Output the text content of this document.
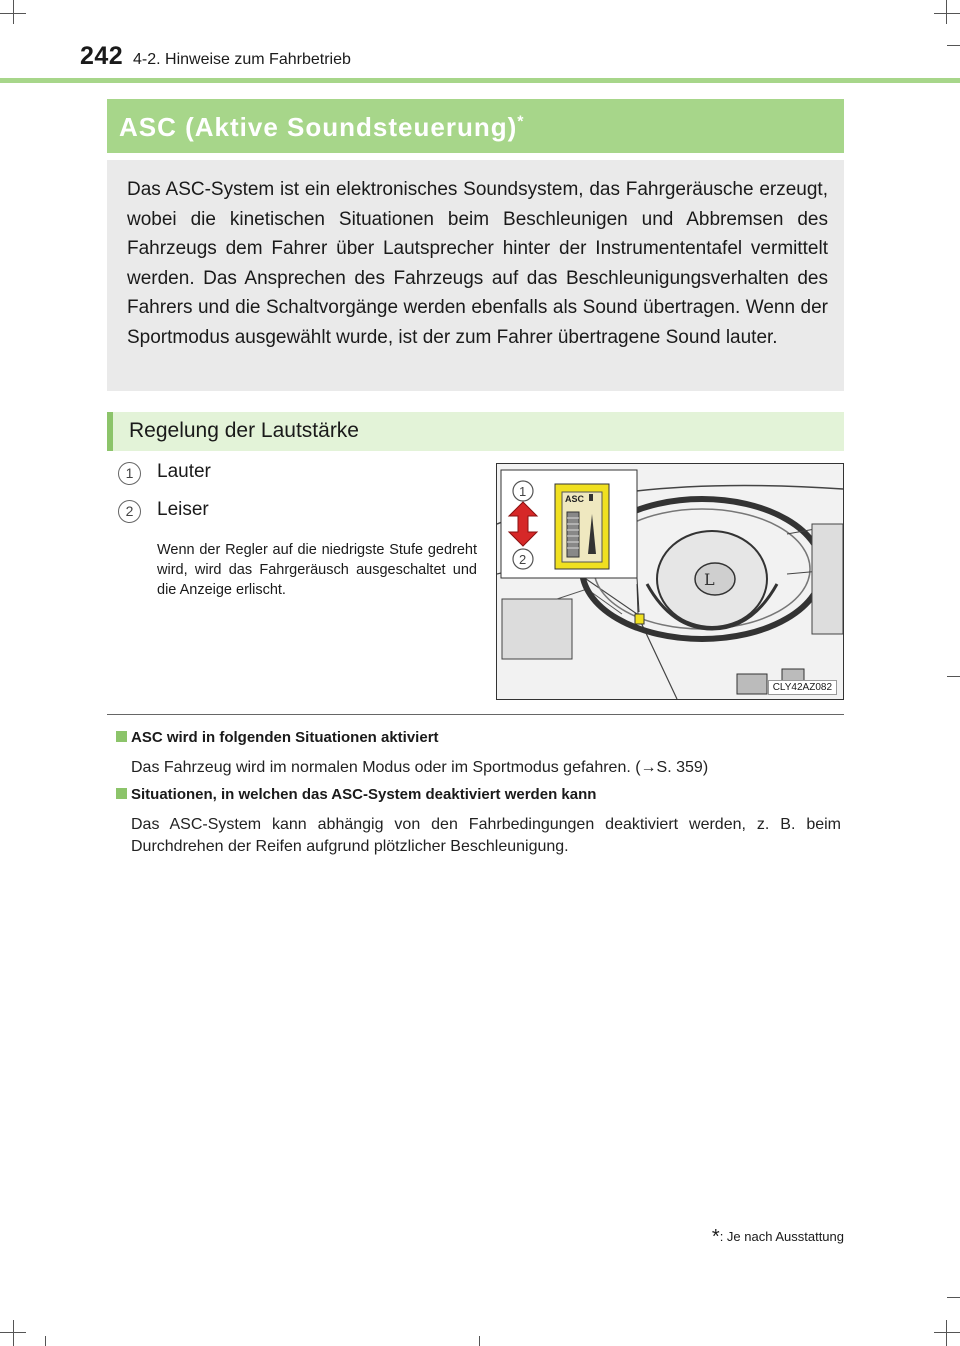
242 4-2. Hinweise zum Fahrbetrieb
ASC (Aktive Soundsteuerung)*

Das ASC-System ist ein elektronisches Soundsystem, das Fahrgeräusche erzeugt, wobei die kinetischen Situationen beim Beschleunigen und Abbremsen des Fahrzeugs dem Fahrer über Lautsprecher hinter der Instrumententafel vermittelt werden. Das Ansprechen des Fahrzeugs auf das Beschleunigungsverhalten des Fahrers und die Schaltvorgänge werden ebenfalls als Sound übertragen. Wenn der Sportmodus ausgewählt wurde, ist der zum Fahrer übertragene Sound lauter.

Regelung der Lautstärke
1	Lauter
2	Leiser

Wenn der Regler auf die niedrigste Stufe gedreht wird, wird das Fahrgeräusch ausgeschaltet und die Anzeige erlischt.

L
ASC
1
2
CLY42AZ082
ASC wird in folgenden Situationen aktiviert

Das Fahrzeug wird im normalen Modus oder im Sportmodus gefahren. (→S. 359)

Situationen, in welchen das ASC-System deaktiviert werden kann

Das ASC-System kann abhängig von den Fahrbedingungen deaktiviert werden, z. B. beim Durchdrehen der Reifen aufgrund plötzlicher Beschleunigung.

*: Je nach Ausstattung
